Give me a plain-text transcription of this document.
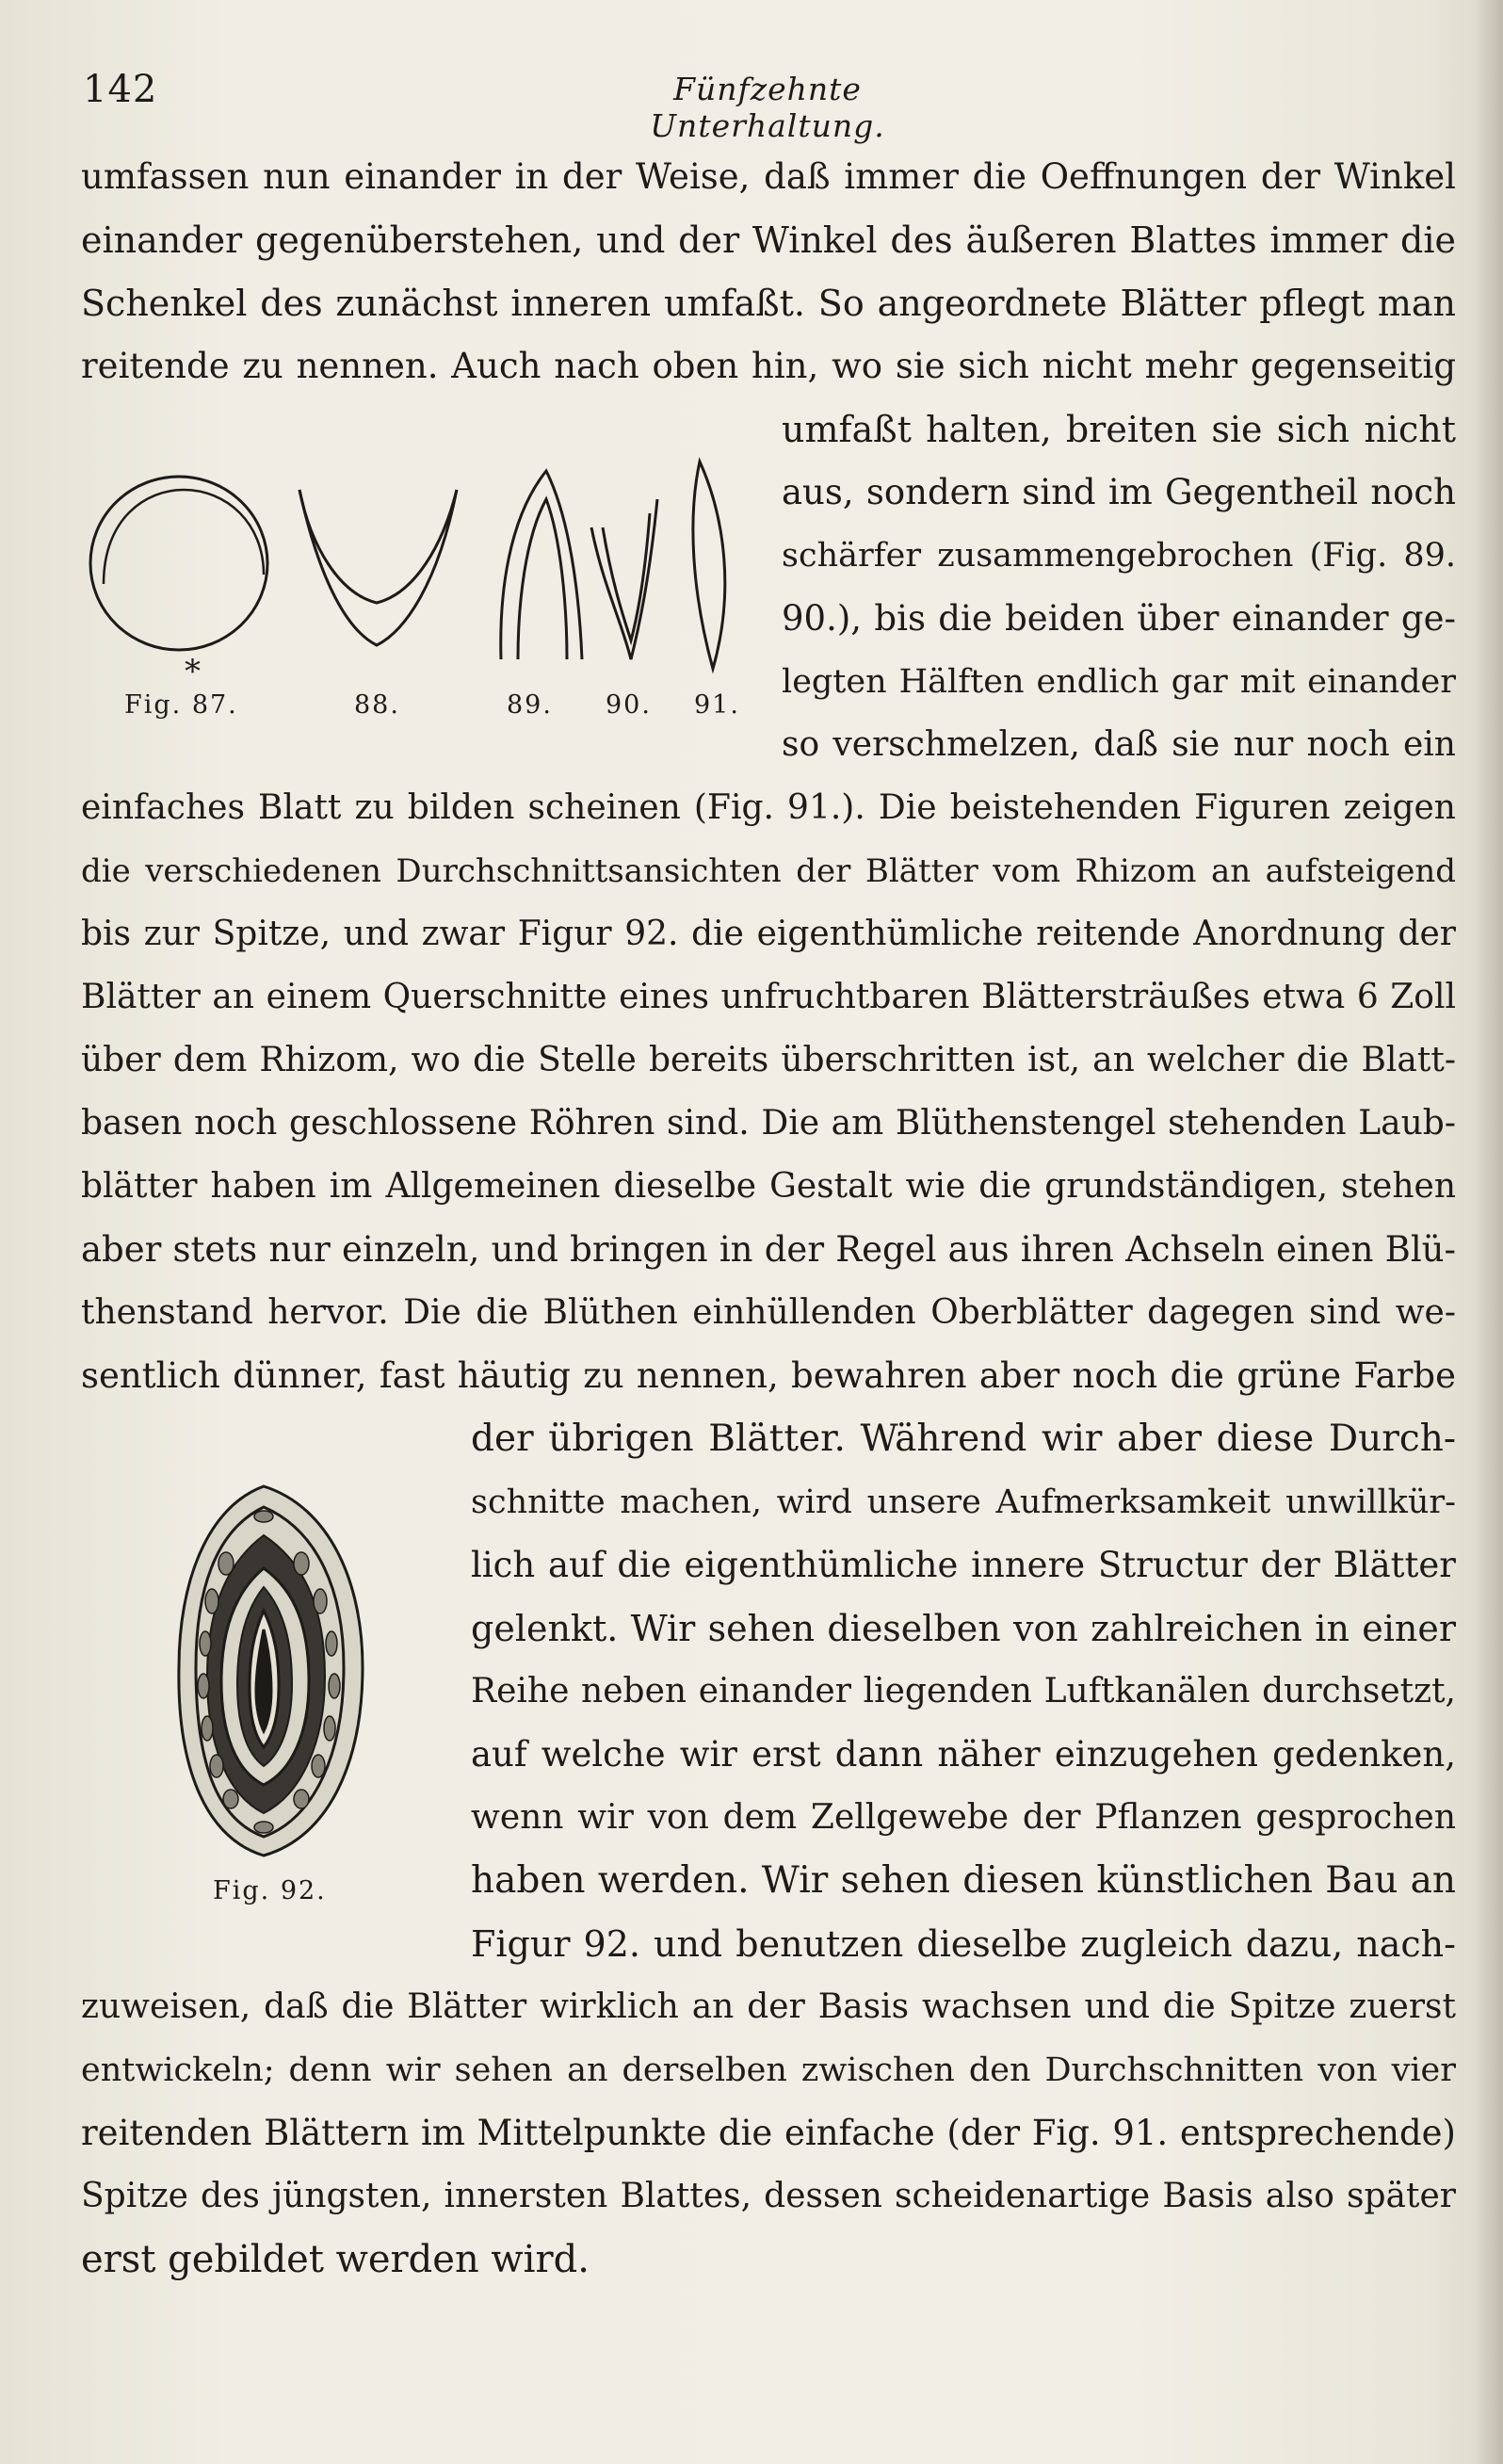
142	Fünfzehnte Unterhaltung.
*
Fig. 87.	88.	89. 90. 91.
Fig. 92.
umfassen nun einander in der Weise, daß immer die Oeffnungen der Winkel
einander gegenüberstehen, und der Winkel des äußeren Blattes immer die
Schenkel des zunächst inneren umfaßt. So angeordnete Blätter pflegt man
reitende zu nennen. Auch nach oben hin, wo sie sich nicht mehr gegenseitig
umfaßt halten, breiten sie sich nicht
aus, sondern sind im Gegentheil noch
schärfer zusammengebrochen (Fig. 89.
90.), bis die beiden über einander ge-
legten Hälften endlich gar mit einander
so verschmelzen, daß sie nur noch ein
einfaches Blatt zu bilden scheinen (Fig. 91.). Die beistehenden Figuren zeigen
die verschiedenen Durchschnittsansichten der Blätter vom Rhizom an aufsteigend
bis zur Spitze, und zwar Figur 92. die eigenthümliche reitende Anordnung der
Blätter an einem Querschnitte eines unfruchtbaren Blättersträußes etwa 6 Zoll
über dem Rhizom, wo die Stelle bereits überschritten ist, an welcher die Blatt-
basen noch geschlossene Röhren sind. Die am Blüthenstengel stehenden Laub-
blätter haben im Allgemeinen dieselbe Gestalt wie die grundständigen, stehen
aber stets nur einzeln, und bringen in der Regel aus ihren Achseln einen Blü-
thenstand hervor. Die die Blüthen einhüllenden Oberblätter dagegen sind we-
sentlich dünner, fast häutig zu nennen, bewahren aber noch die grüne Farbe
der übrigen Blätter. Während wir aber diese Durch-
schnitte machen, wird unsere Aufmerksamkeit unwillkür-
lich auf die eigenthümliche innere Structur der Blätter
gelenkt. Wir sehen dieselben von zahlreichen in einer
Reihe neben einander liegenden Luftkanälen durchsetzt,
auf welche wir erst dann näher einzugehen gedenken,
wenn wir von dem Zellgewebe der Pflanzen gesprochen
haben werden. Wir sehen diesen künstlichen Bau an
Figur 92. und benutzen dieselbe zugleich dazu, nach-
zuweisen, daß die Blätter wirklich an der Basis wachsen und die Spitze zuerst
entwickeln; denn wir sehen an derselben zwischen den Durchschnitten von vier
reitenden Blättern im Mittelpunkte die einfache (der Fig. 91. entsprechende)
Spitze des jüngsten, innersten Blattes, dessen scheidenartige Basis also später
erst gebildet werden wird.
